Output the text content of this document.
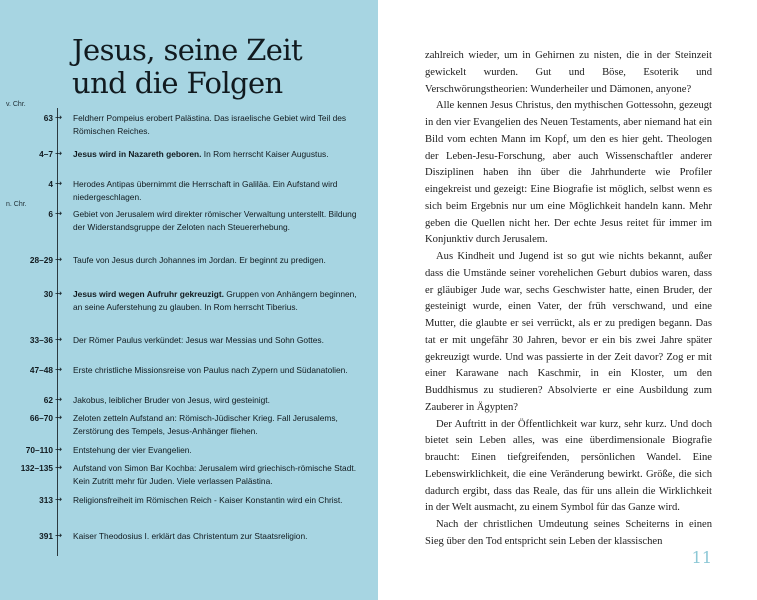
Jesus, seine Zeit
und die Folgen
v. Chr.
n. Chr.
63 →	Feldherr Pompeius erobert Palästina. Das israelische Gebiet wird Teil des Römischen Reiches.
4–7 →	Jesus wird in Nazareth geboren. In Rom herrscht Kaiser Augustus.
4 →	Herodes Antipas übernimmt die Herrschaft in Galiläa. Ein Aufstand wird niedergeschlagen.
6 →	Gebiet von Jerusalem wird direkter römischer Verwaltung unterstellt. Bildung der Widerstandsgruppe der Zeloten nach Steuererhebung.
28–29 →	Taufe von Jesus durch Johannes im Jordan. Er beginnt zu predigen.
30 →	Jesus wird wegen Aufruhr gekreuzigt. Gruppen von Anhängern beginnen, an seine Auferstehung zu glauben. In Rom herrscht Tiberius.
33–36 →	Der Römer Paulus verkündet: Jesus war Messias und Sohn Gottes.
47–48 →	Erste christliche Missionsreise von Paulus nach Zypern und Südanatolien.
62 →	Jakobus, leiblicher Bruder von Jesus, wird gesteinigt.
66–70 →	Zeloten zetteln Aufstand an: Römisch-Jüdischer Krieg. Fall Jerusalems, Zerstörung des Tempels, Jesus-Anhänger fliehen.
70–110 →	Entstehung der vier Evangelien.
132–135 →	Aufstand von Simon Bar Kochba: Jerusalem wird griechisch-römische Stadt. Kein Zutritt mehr für Juden. Viele verlassen Palästina.
313 →	Religionsfreiheit im Römischen Reich - Kaiser Konstantin wird ein Christ.
391 →	Kaiser Theodosius I. erklärt das Christentum zur Staatsreligion.

zahlreich wieder, um in Gehirnen zu nisten, die in der Steinzeit gewickelt wurden. Gut und Böse, Esoterik und Verschwörungstheorien: Wunderheiler und Dämonen, anyone?

Alle kennen Jesus Christus, den mythischen Gottessohn, gezeugt in den vier Evangelien des Neuen Testaments, aber niemand hat ein Bild vom echten Mann im Kopf, um den es hier geht. Theologen der Leben-Jesu-Forschung, aber auch Wissenschaftler anderer Disziplinen haben ihn über die Jahrhunderte wie Profiler eingekreist und gezeigt: Eine Biografie ist möglich, selbst wenn es sich beim Ergebnis nur um eine Möglichkeit handeln kann. Mehr geben die Quellen nicht her. Der echte Jesus reitet für immer im Konjunktiv durch Jerusalem.

Aus Kindheit und Jugend ist so gut wie nichts bekannt, außer dass die Umstände seiner vorehelichen Geburt dubios waren, dass er gläubiger Jude war, sechs Geschwister hatte, einen Bruder, der gesteinigt wurde, einen Vater, der früh verschwand, und eine Mutter, die glaubte er sei verrückt, als er zu predigen begann. Das tat er mit ungefähr 30 Jahren, bevor er ein bis zwei Jahre später gekreuzigt wurde. Und was passierte in der Zeit davor? Zog er mit einer Karawane nach Kaschmir, in ein Kloster, um den Buddhismus zu studieren? Absolvierte er eine Ausbildung zum Zauberer in Ägypten?

Der Auftritt in der Öffentlichkeit war kurz, sehr kurz. Und doch bietet sein Leben alles, was eine überdimensionale Biografie braucht: Einen tiefgreifenden, persönlichen Wandel. Eine Lebenswirklichkeit, die eine Veränderung bewirkt. Größe, die sich dadurch ergibt, dass das Reale, das für uns allein die Wirklichkeit in der Welt ausmacht, zu einem Symbol für das Ganze wird.

Nach der christlichen Umdeutung seines Scheiterns in einen Sieg über den Tod entspricht sein Leben der klassischen

11
